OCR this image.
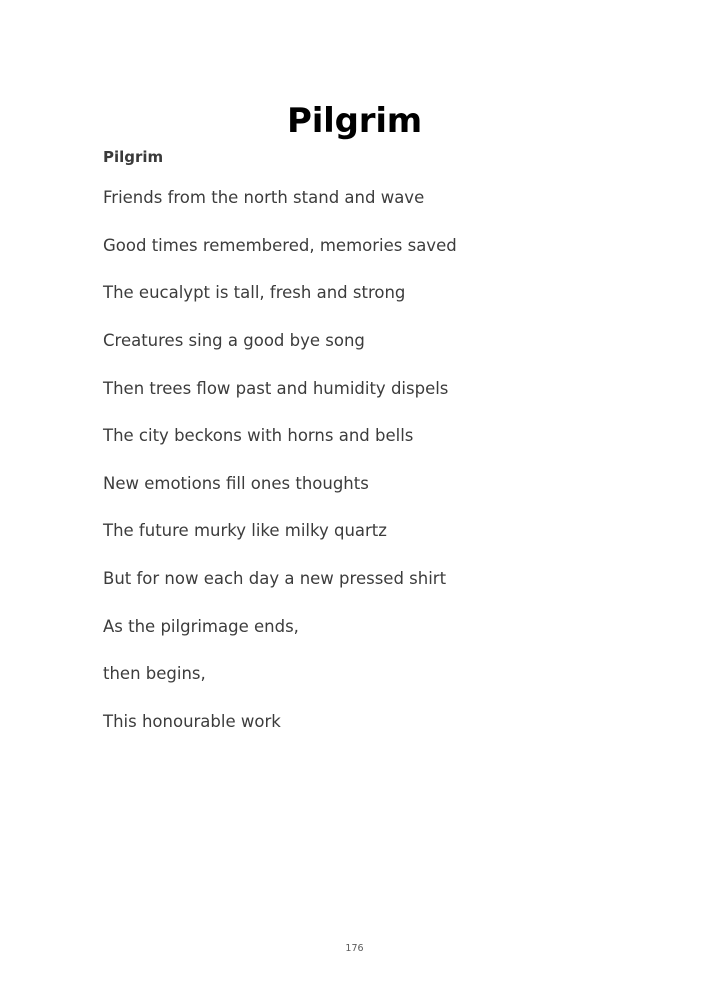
Pilgrim

Pilgrim

Friends from the north stand and wave

Good times remembered, memories saved

The eucalypt is tall, fresh and strong

Creatures sing a good bye song

Then trees flow past and humidity dispels

The city beckons with horns and bells

New emotions fill ones thoughts

The future murky like milky quartz

But for now each day a new pressed shirt

As the pilgrimage ends,

then begins,

This honourable work

176
